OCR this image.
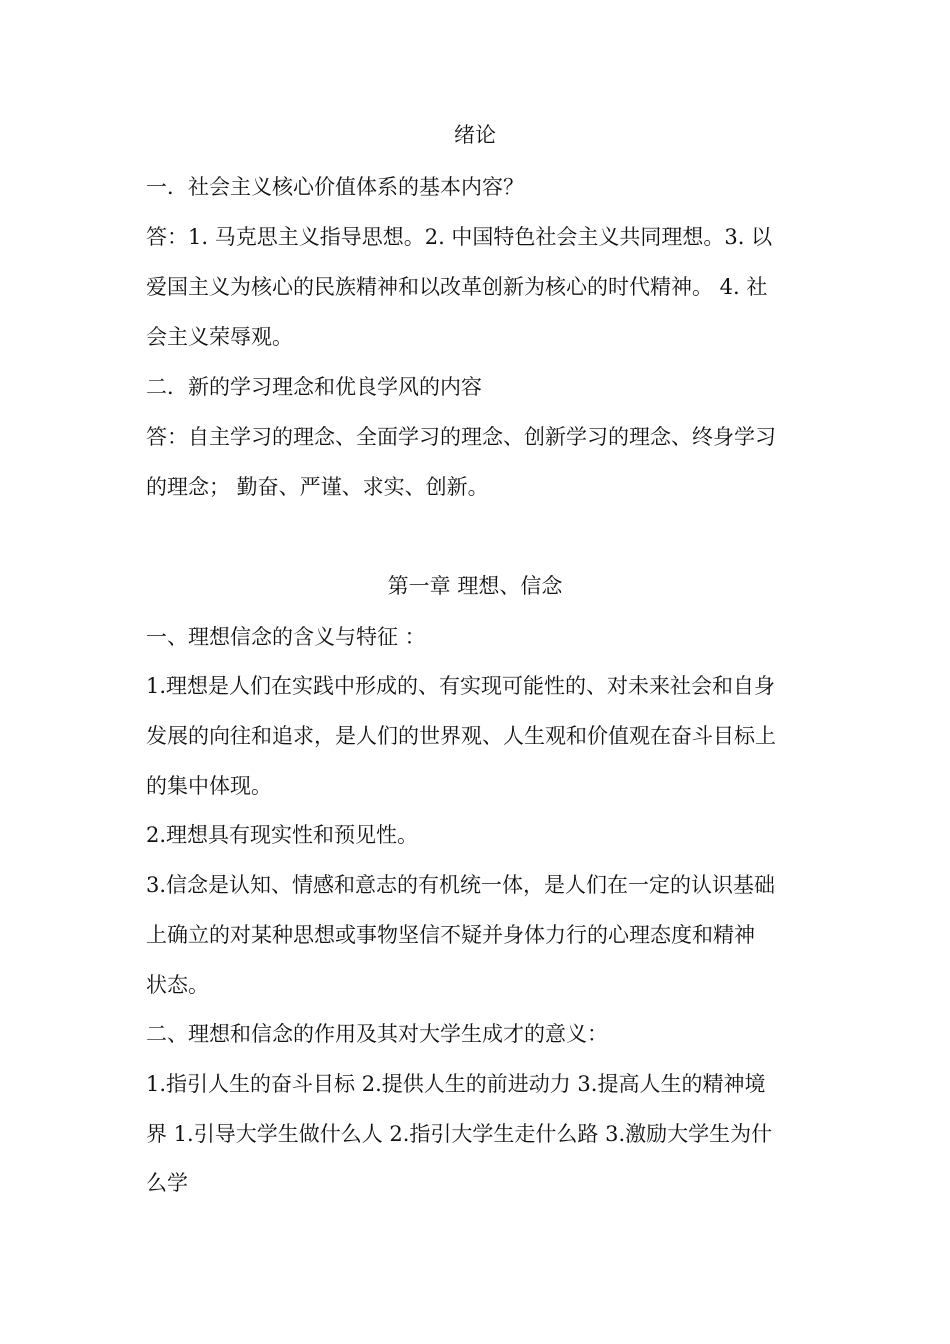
绪论
一．社会主义核心价值体系的基本内容？
答：1. 马克思主义指导思想。2. 中国特色社会主义共同理想。3. 以
爱国主义为核心的民族精神和以改革创新为核心的时代精神。 4. 社
会主义荣辱观。
二．新的学习理念和优良学风的内容
答：自主学习的理念、全面学习的理念、创新学习的理念、终身学习
的理念； 勤奋、严谨、求实、创新。
第一章 理想、信念
一、理想信念的含义与特征 ：
1.理想是人们在实践中形成的、有实现可能性的、对未来社会和自身
发展的向往和追求，是人们的世界观、人生观和价值观在奋斗目标上
的集中体现。
2.理想具有现实性和预见性。
3.信念是认知、情感和意志的有机统一体，是人们在一定的认识基础
上确立的对某种思想或事物坚信不疑并身体力行的心理态度和精神
状态。
二、理想和信念的作用及其对大学生成才的意义：
1.指引人生的奋斗目标 2.提供人生的前进动力 3.提高人生的精神境
界 1.引导大学生做什么人 2.指引大学生走什么路 3.激励大学生为什
么学
